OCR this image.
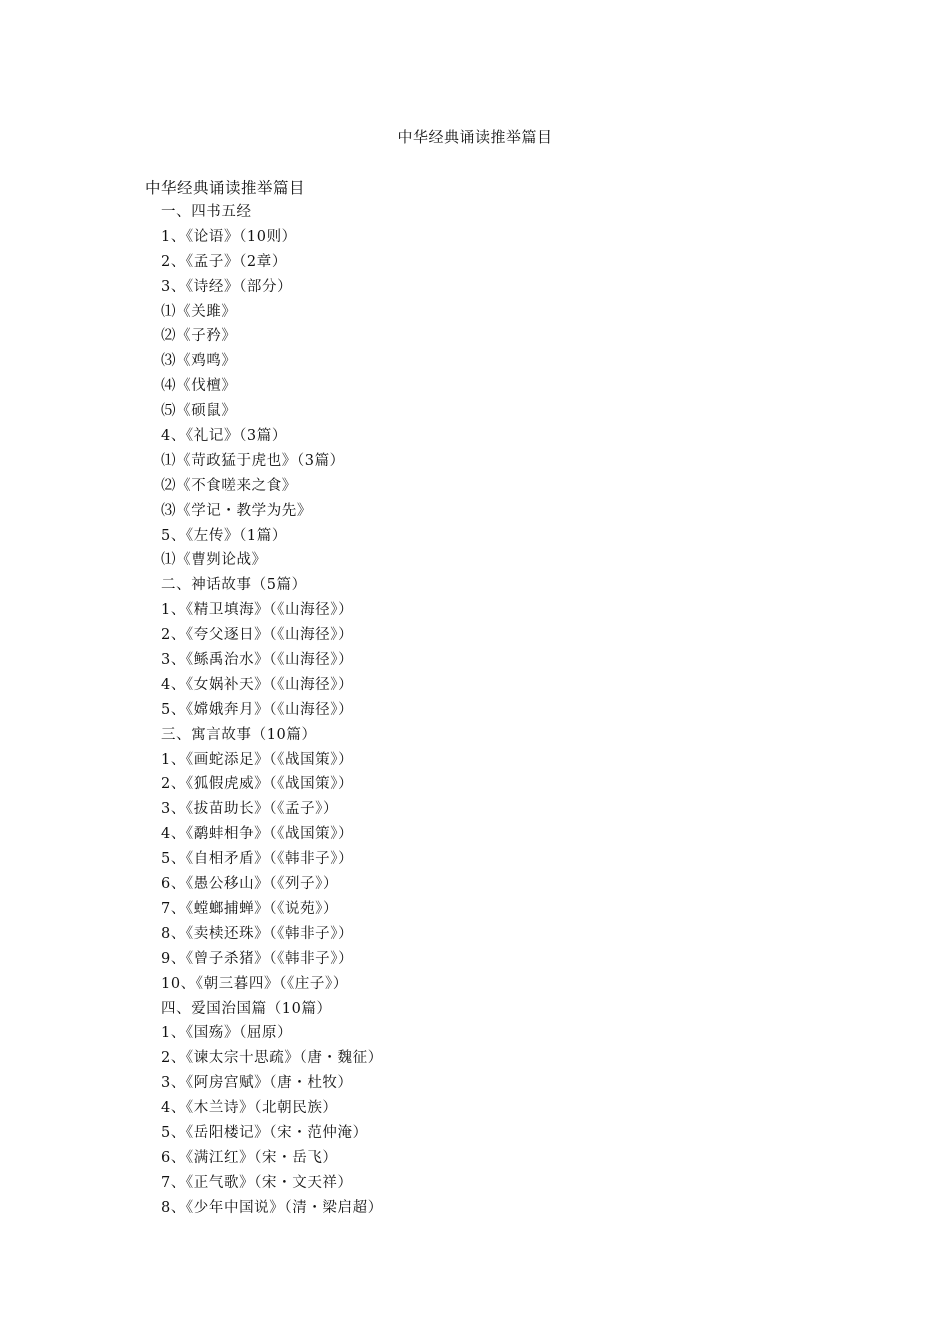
中华经典诵读推举篇目
中华经典诵读推举篇目
一、四书五经
1、《论语》（10则）
2、《孟子》（2章）
3、《诗经》（部分）
⑴《关雎》
⑵《子矜》
⑶《鸡鸣》
⑷《伐檀》
⑸《硕鼠》
4、《礼记》（3篇）
⑴《苛政猛于虎也》（3篇）
⑵《不食嗟来之食》
⑶《学记・教学为先》
5、《左传》（1篇）
⑴《曹刿论战》
二、神话故事（5篇）
1、《精卫填海》（《山海径》）
2、《夸父逐日》（《山海径》）
3、《鲧禹治水》（《山海径》）
4、《女娲补天》（《山海径》）
5、《嫦娥奔月》（《山海径》）
三、寓言故事（10篇）
1、《画蛇添足》（《战国策》）
2、《狐假虎威》（《战国策》）
3、《拔苗助长》（《孟子》）
4、《鹬蚌相争》（《战国策》）
5、《自相矛盾》（《韩非子》）
6、《愚公移山》（《列子》）
7、《螳螂捕蝉》（《说苑》）
8、《卖椟还珠》（《韩非子》）
9、《曾子杀猪》（《韩非子》）
10、《朝三暮四》（《庄子》）
四、爱国治国篇（10篇）
1、《国殇》（屈原）
2、《谏太宗十思疏》（唐・魏征）
3、《阿房宫赋》（唐・杜牧）
4、《木兰诗》（北朝民族）
5、《岳阳楼记》（宋・范仲淹）
6、《满江红》（宋・岳飞）
7、《正气歌》（宋・文天祥）
8、《少年中国说》（清・梁启超）
